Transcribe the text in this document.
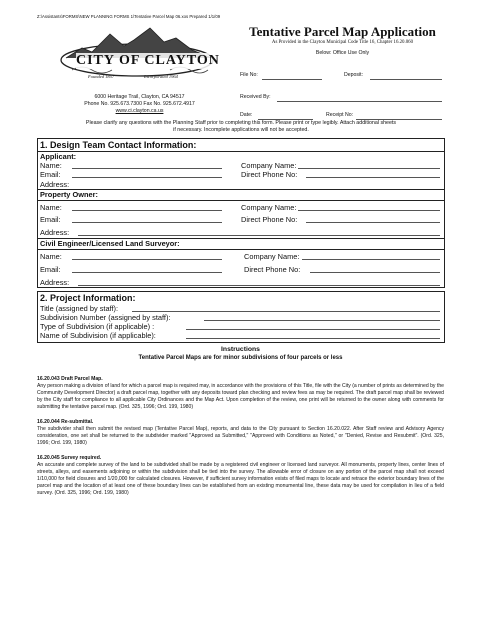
Z:\Assistants\FORMS\NEW PLANNING FORMS 1\Tentative Parcel Map 06.xos Prepared 1/1/09
CITY OF CLAYTON
Founded 1857	Incorporated 1964
6000 Heritage Trail, Clayton, CA 94517
Phone No. 925.673.7300 Fax No. 925.672.4917
www.ci.clayton.ca.us
Tentative Parcel Map Application
As Provided in the Clayton Municipal Code Title 16, Chapter 16.20.060
Below: Office Use Only
File No:	Deposit:
Received By:
Date:	Receipt No:
Please clarify any questions with the Planning Staff prior to completing this form. Please print or type legibly. Attach additional sheets
if necessary. Incomplete applications will not be accepted.
1. Design Team Contact Information:
Applicant:
Name:	Company Name:
Email:	Direct Phone No:
Address:
Property Owner:
Name:	Company Name:
Email:	Direct Phone No:
Address:
Civil Engineer/Licensed Land Surveyor:
Name:	Company Name:
Email:	Direct Phone No:
Address:
2. Project Information:
Title (assigned by staff):
Subdivision Number (assigned by staff):
Type of Subdivision (if applicable) :
Name of Subdivision (if applicable):
Instructions
Tentative Parcel Maps are for minor subdivisions of four parcels or less

16.20.043 Draft Parcel Map.

Any person making a division of land for which a parcel map is required may, in accordance with the provisions of this Title, file with the City (a number of prints as determined by the Community Development Director) a draft parcel map, together with any deposits toward plan checking and review fees as may be required. The draft parcel map shall be reviewed by the City staff for compliance to all applicable City Ordinances and the Map Act. Upon completion of the review, one print will be returned to the owner along with comments for submitting the tentative parcel map. (Ord. 325, 1996; Ord. 199, 1980)

16.20.044 Re-submittal.

The subdivider shall then submit the revised map (Tentative Parcel Map), reports, and data to the City pursuant to Section 16.20.022. After Staff review and Advisory Agency consideration, one set shall be returned to the subdivider marked "Approved as Submitted," "Approved with Conditions as Noted," or "Denied, Revise and Resubmit". (Ord. 325, 1996; Ord. 199, 1980)

16.20.045 Survey required.

An accurate and complete survey of the land to be subdivided shall be made by a registered civil engineer or licensed land surveyor. All monuments, property lines, center lines of streets, alleys, and easements adjoining or within the subdivision shall be tied into the survey. The allowable error of closure on any portion of the parcel map shall not exceed 1/10,000 for field closures and 1/20,000 for calculated closures. However, if sufficient survey information exists of filed maps to locate and retrace the exterior boundary lines of the parcel map and the location of at least one of these boundary lines can be established from an existing monumental line, these data may be used for compilation in lieu of a field survey. (Ord. 325, 1996; Ord. 199, 1980)
